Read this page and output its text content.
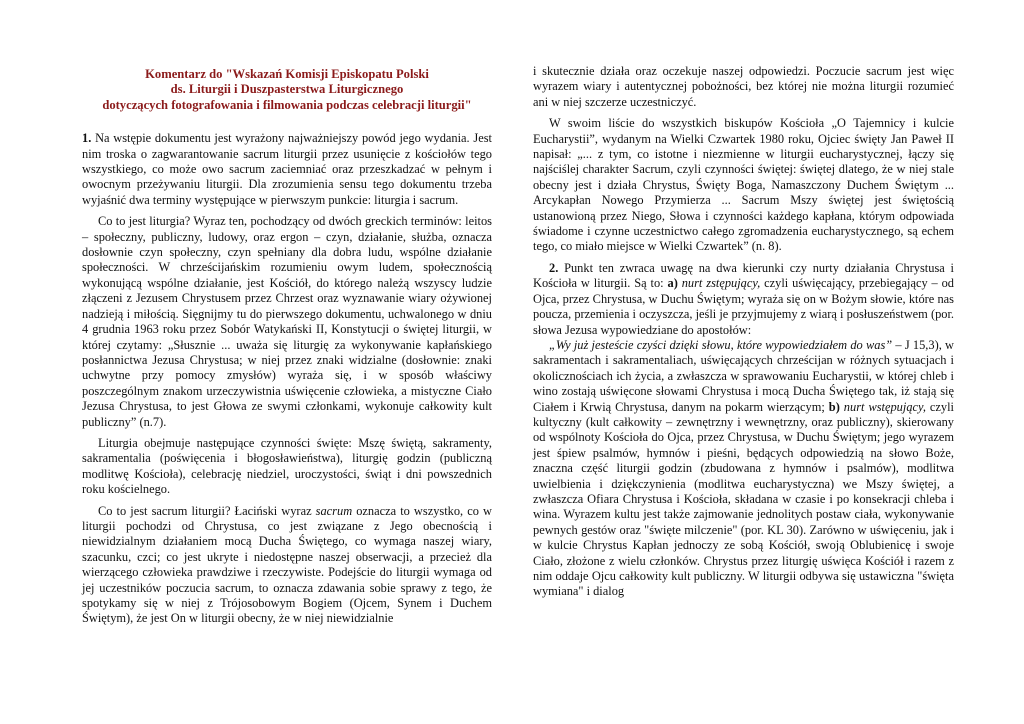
Komentarz do "Wskazań Komisji Episkopatu Polski
ds. Liturgii i Duszpasterstwa Liturgicznego
dotyczących fotografowania i filmowania podczas celebracji liturgii"

1. Na wstępie dokumentu jest wyrażony najważniejszy powód jego wydania. Jest nim troska o zagwarantowanie sacrum liturgii przez usunięcie z kościołów tego wszystkiego, co może owo sacrum zaciemniać oraz przeszkadzać w pełnym i owocnym przeżywaniu liturgii. Dla zrozumienia sensu tego dokumentu trzeba wyjaśnić dwa terminy występujące w pierwszym punkcie: liturgia i sacrum.

Co to jest liturgia? Wyraz ten, pochodzący od dwóch greckich terminów: leitos – społeczny, publiczny, ludowy, oraz ergon – czyn, działanie, służba, oznacza dosłownie czyn społeczny, czyn spełniany dla dobra ludu, wspólne działanie społeczności. W chrześcijańskim rozumieniu owym ludem, społecznością wykonującą wspólne działanie, jest Kościół, do którego należą wszyscy ludzie złączeni z Jezusem Chrystusem przez Chrzest oraz wyznawanie wiary ożywionej nadzieją i miłością. Sięgnijmy tu do pierwszego dokumentu, uchwalonego w dniu 4 grudnia 1963 roku przez Sobór Watykański II, Konstytucji o świętej liturgii, w której czytamy: „Słusznie ... uważa się liturgię za wykonywanie kapłańskiego posłannictwa Jezusa Chrystusa; w niej przez znaki widzialne (dosłownie: znaki uchwytne przy pomocy zmysłów) wyraża się, i w sposób właściwy poszczególnym znakom urzeczywistnia uświęcenie człowieka, a mistyczne Ciało Jezusa Chrystusa, to jest Głowa ze swymi członkami, wykonuje całkowity kult publiczny” (n.7).

Liturgia obejmuje następujące czynności święte: Mszę świętą, sakramenty, sakramentalia (poświęcenia i błogosławieństwa), liturgię godzin (publiczną modlitwę Kościoła), celebrację niedziel, uroczystości, świąt i dni powszednich roku kościelnego.

Co to jest sacrum liturgii? Łaciński wyraz sacrum oznacza to wszystko, co w liturgii pochodzi od Chrystusa, co jest związane z Jego obecnością i niewidzialnym działaniem mocą Ducha Świętego, co wymaga naszej wiary, szacunku, czci; co jest ukryte i niedostępne naszej obserwacji, a przecież dla wierzącego człowieka prawdziwe i rzeczywiste. Podejście do liturgii wymaga od jej uczestników poczucia sacrum, to oznacza zdawania sobie sprawy z tego, że spotykamy się w niej z Trójosobowym Bogiem (Ojcem, Synem i Duchem Świętym), że jest On w liturgii obecny, że w niej niewidzialnie

i skutecznie działa oraz oczekuje naszej odpowiedzi. Poczucie sacrum jest więc wyrazem wiary i autentycznej pobożności, bez której nie można liturgii rozumieć ani w niej szczerze uczestniczyć.

W swoim liście do wszystkich biskupów Kościoła „O Tajemnicy i kulcie Eucharystii”, wydanym na Wielki Czwartek 1980 roku, Ojciec święty Jan Paweł II napisał: „... z tym, co istotne i niezmienne w liturgii eucharystycznej, łączy się najściślej charakter Sacrum, czyli czynności świętej: świętej dlatego, że w niej stale obecny jest i działa Chrystus, Święty Boga, Namaszczony Duchem Świętym ... Arcykapłan Nowego Przymierza ... Sacrum Mszy świętej jest świętością ustanowioną przez Niego, Słowa i czynności każdego kapłana, którym odpowiada świadome i czynne uczestnictwo całego zgromadzenia eucharystycznego, są echem tego, co miało miejsce w Wielki Czwartek” (n. 8).

2. Punkt ten zwraca uwagę na dwa kierunki czy nurty działania Chrystusa i Kościoła w liturgii. Są to: a) nurt zstępujący, czyli uświęcający, przebiegający – od Ojca, przez Chrystusa, w Duchu Świętym; wyraża się on w Bożym słowie, które nas poucza, przemienia i oczyszcza, jeśli je przyjmujemy z wiarą i posłuszeństwem (por. słowa Jezusa wypowiedziane do apostołów:

„Wy już jesteście czyści dzięki słowu, które wypowiedziałem do was” – J 15,3), w sakramentach i sakramentaliach, uświęcających chrześcijan w różnych sytuacjach i okolicznościach ich życia, a zwłaszcza w sprawowaniu Eucharystii, w której chleb i wino zostają uświęcone słowami Chrystusa i mocą Ducha Świętego tak, iż stają się Ciałem i Krwią Chrystusa, danym na pokarm wierzącym; b) nurt wstępujący, czyli kultyczny (kult całkowity – zewnętrzny i wewnętrzny, oraz publiczny), skierowany od wspólnoty Kościoła do Ojca, przez Chrystusa, w Duchu Świętym; jego wyrazem jest śpiew psalmów, hymnów i pieśni, będących odpowiedzią na słowo Boże, znaczna część liturgii godzin (zbudowana z hymnów i psalmów), modlitwa uwielbienia i dziękczynienia (modlitwa eucharystyczna) we Mszy świętej, a zwłaszcza Ofiara Chrystusa i Kościoła, składana w czasie i po konsekracji chleba i wina. Wyrazem kultu jest także zajmowanie jednolitych postaw ciała, wykonywanie pewnych gestów oraz "święte milczenie" (por. KL 30). Zarówno w uświęceniu, jak i w kulcie Chrystus Kapłan jednoczy ze sobą Kościół, swoją Oblubienicę i swoje Ciało, złożone z wielu członków. Chrystus przez liturgię uświęca Kościół i razem z nim oddaje Ojcu całkowity kult publiczny. W liturgii odbywa się ustawiczna "święta wymiana" i dialog
